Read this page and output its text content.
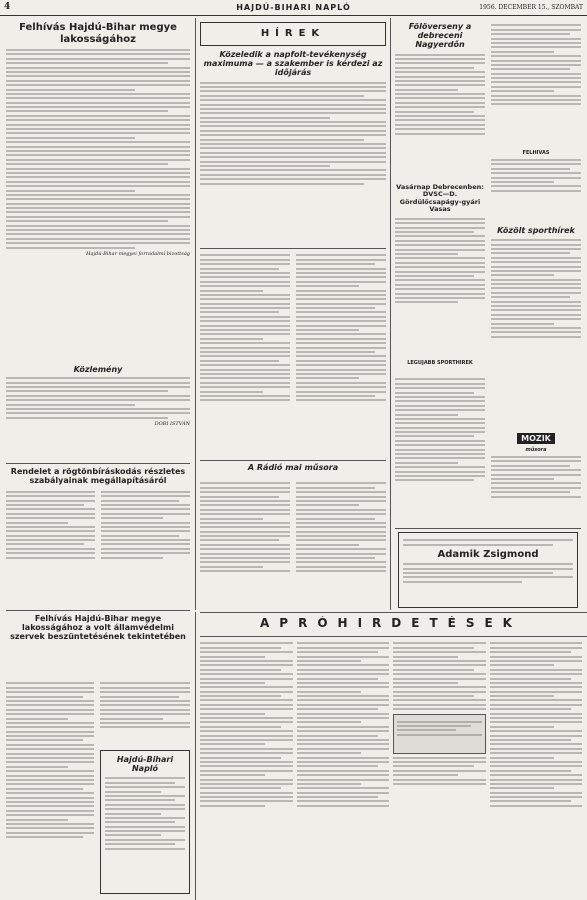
4	HAJDÚ-BIHARI NAPLÓ	1956. DECEMBER 15., SZOMBAT
Felhívás Hajdú-Bihar megye lakosságához
Hajdú-Bihar megyei forradalmi bizottság
Közlemény
DOBI ISTVÁN
Rendelet a rögtönbíráskodás részletes szabályainak megállapításáról
Felhívás Hajdú-Bihar megye lakosságához a volt államvédelmi szervek beszüntetésének tekintetében
Hajdú-Bihari Napló
HÍREK
Közeledik a napfolt-tevékenység maximuma — a szakember is kérdezi az időjárás
A Rádió mai műsora
Fölöverseny a debreceni Nagyerdőn
Vasárnap Debrecenben: DVSC—D. Gördülőcsapágy-gyári Vasas
FELHÍVÁS
Közölt sporthírek
LEGÚJABB SPORTHÍREK
MOZIK
műsora
Adamik Zsigmond
APRÓHIRDETÉSEK
